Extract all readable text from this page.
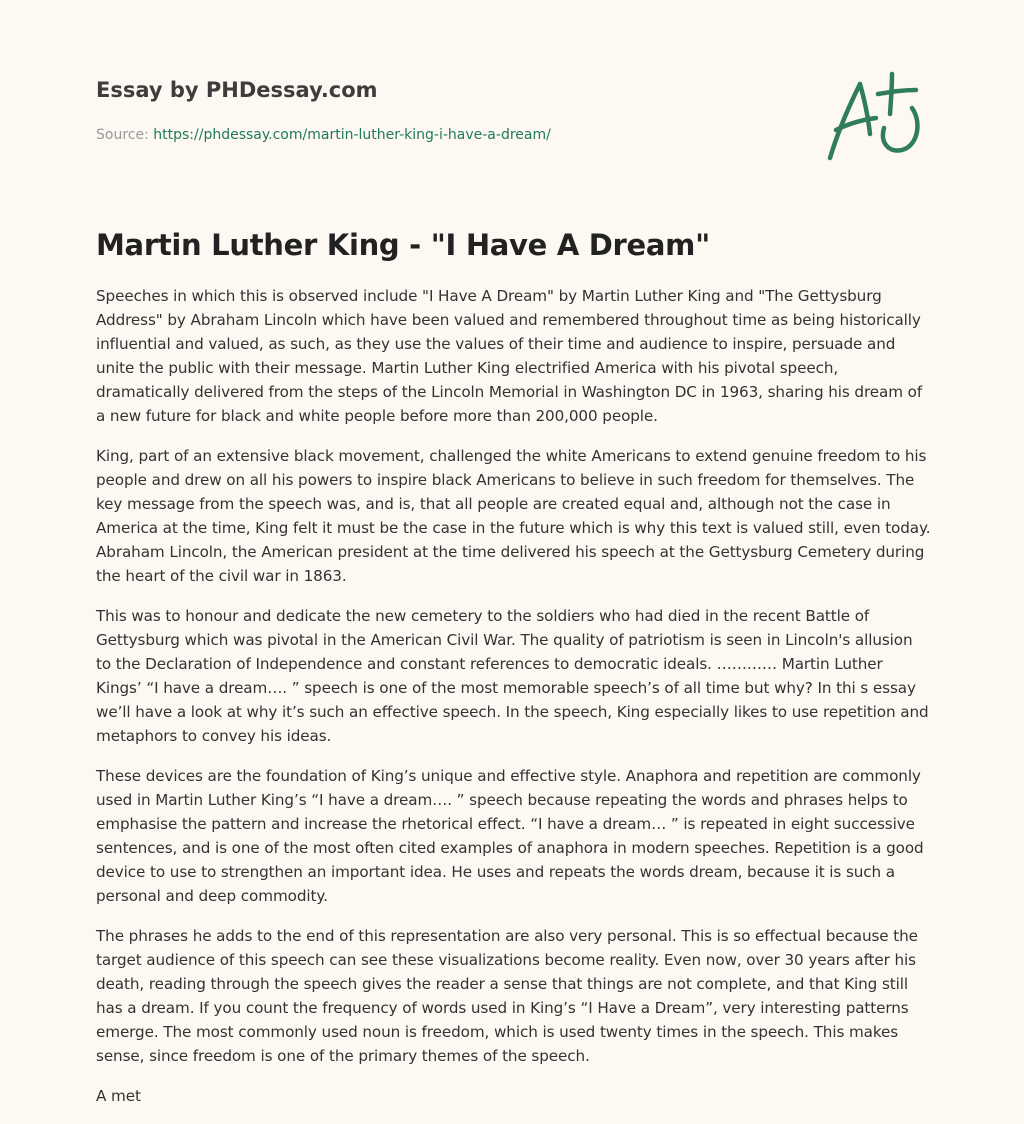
Essay by PHDessay.com
Source: https://phdessay.com/martin-luther-king-i-have-a-dream/
Martin Luther King - "I Have A Dream"

Speeches in which this is observed include "I Have A Dream" by Martin Luther King and "The Gettysburg Address" by Abraham Lincoln which have been valued and remembered throughout time as being historically influential and valued, as such, as they use the values of their time and audience to inspire, persuade and unite the public with their message. Martin Luther King electrified America with his pivotal speech, dramatically delivered from the steps of the Lincoln Memorial in Washington DC in 1963, sharing his dream of a new future for black and white people before more than 200,000 people.

King, part of an extensive black movement, challenged the white Americans to extend genuine freedom to his people and drew on all his powers to inspire black Americans to believe in such freedom for themselves. The key message from the speech was, and is, that all people are created equal and, although not the case in America at the time, King felt it must be the case in the future which is why this text is valued still, even today. Abraham Lincoln, the American president at the time delivered his speech at the Gettysburg Cemetery during the heart of the civil war in 1863.

This was to honour and dedicate the new cemetery to the soldiers who had died in the recent Battle of Gettysburg which was pivotal in the American Civil War. The quality of patriotism is seen in Lincoln's allusion to the Declaration of Independence and constant references to democratic ideals. ………… Martin Luther Kings’ “I have a dream…. ” speech is one of the most memorable speech’s of all time but why? In thi s essay we’ll have a look at why it’s such an effective speech. In the speech, King especially likes to use repetition and metaphors to convey his ideas.

These devices are the foundation of King’s unique and effective style. Anaphora and repetition are commonly used in Martin Luther King’s “I have a dream…. ” speech because repeating the words and phrases helps to emphasise the pattern and increase the rhetorical effect. “I have a dream… ” is repeated in eight successive sentences, and is one of the most often cited examples of anaphora in modern speeches. Repetition is a good device to use to strengthen an important idea. He uses and repeats the words dream, because it is such a personal and deep commodity.

The phrases he adds to the end of this representation are also very personal. This is so effectual because the target audience of this speech can see these visualizations become reality. Even now, over 30 years after his death, reading through the speech gives the reader a sense that things are not complete, and that King still has a dream. If you count the frequency of words used in King’s “I Have a Dream”, very interesting patterns emerge. The most commonly used noun is freedom, which is used twenty times in the speech. This makes sense, since freedom is one of the primary themes of the speech.

A met
